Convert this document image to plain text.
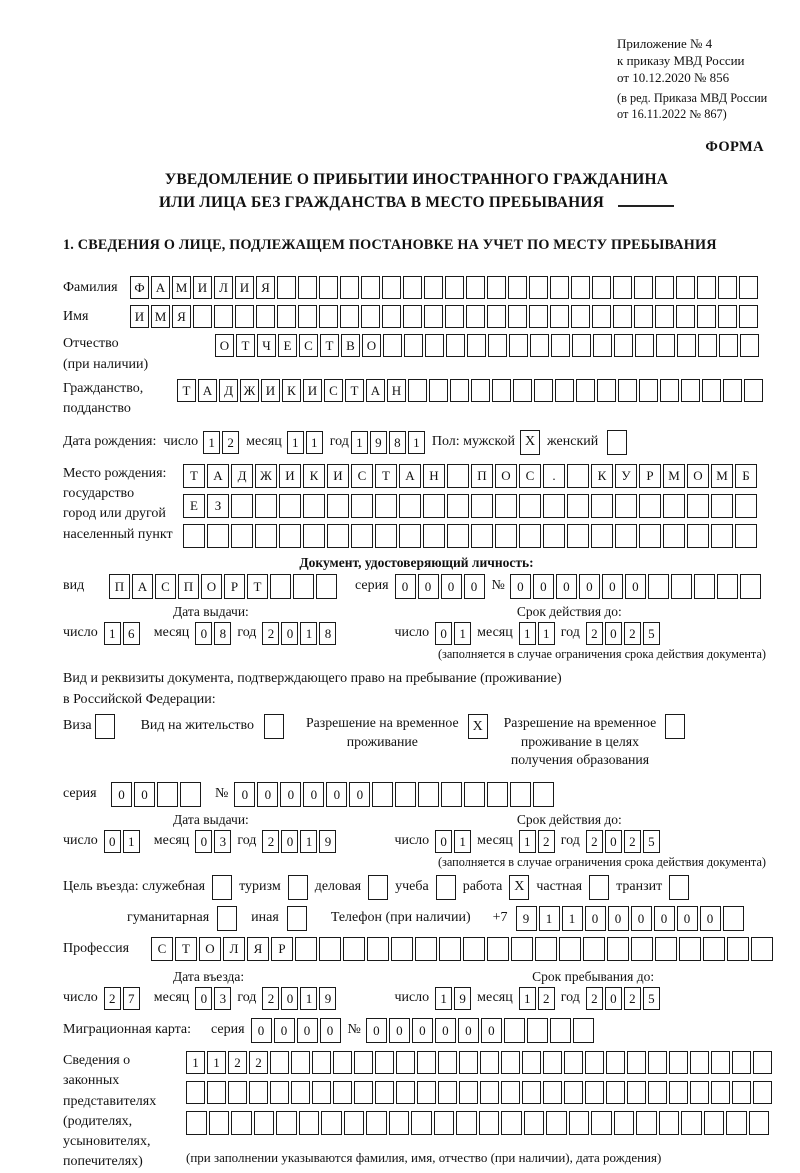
Приложение № 4
к приказу МВД России
от 10.12.2020 № 856
(в ред. Приказа МВД России
от 16.11.2022 № 867)
ФОРМА
УВЕДОМЛЕНИЕ О ПРИБЫТИИ ИНОСТРАННОГО ГРАЖДАНИНА
ИЛИ ЛИЦА БЕЗ ГРАЖДАНСТВА В МЕСТО ПРЕБЫВАНИЯ
1. СВЕДЕНИЯ О ЛИЦЕ, ПОДЛЕЖАЩЕМ ПОСТАНОВКЕ НА УЧЕТ ПО МЕСТУ ПРЕБЫВАНИЯ
Фамилия	Ф А М И Л И Я
Имя	И М Я
Отчество
(при наличии)
О Т Ч Е С Т В О
Гражданство,
подданство
Т А Д Ж И К И С Т А Н
Дата рождения: число 1 2 месяц 1 1 год 1 9 8 1 Пол: мужской X женский
Место рождения:
государство
город или другой
населенный пункт
Т	А	Д	Ж	И	К	И	С	Т	А	Н	П	О	С	.	К	У	Р	М	О	М	Б
Е	З
Документ, удостоверяющий личность:
вид	П	А	С	П	О	Р	Т	серия	0	0	0	0	№ 0	0	0	0	0	0
Дата выдачи:	Срок действия до:
число 1 6	месяц 0 8 год 2 0 1 8	число 0 1 месяц 1 1 год 2 0 2 5
(заполняется в случае ограничения срока действия документа)
Вид и реквизиты документа, подтверждающего право на пребывание (проживание)
в Российской Федерации:
Виза	Вид на жительство	Разрешение на временное
проживание
X	Разрешение на временное
проживание в целях
получения образования
серия	0	0	№	0	0	0	0	0	0
Дата выдачи:	Срок действия до:
число 0 1	месяц 0 3 год 2 0 1 9	число 0 1 месяц 1 2 год 2 0 2 5
(заполняется в случае ограничения срока действия документа)
Цель въезда: служебная туризм деловая учеба работа X частная транзит
гуманитарная	иная	Телефон (при наличии) +7	9	1	1	0	0	0	0	0	0
Профессия	С	Т	О	Л	Я	Р
Дата въезда:	Срок пребывания до:
число 2 7	месяц 0 3 год 2 0 1 9	число 1 9 месяц 1 2 год 2 0 2 5
Миграционная карта:	серия	0	0	0	0	№ 0	0	0	0	0	0
Сведения о
законных
представителях
(родителях,
усыновителях,
попечителях)
1	1	2	2
(при заполнении указываются фамилия, имя, отчество (при наличии), дата рождения)
